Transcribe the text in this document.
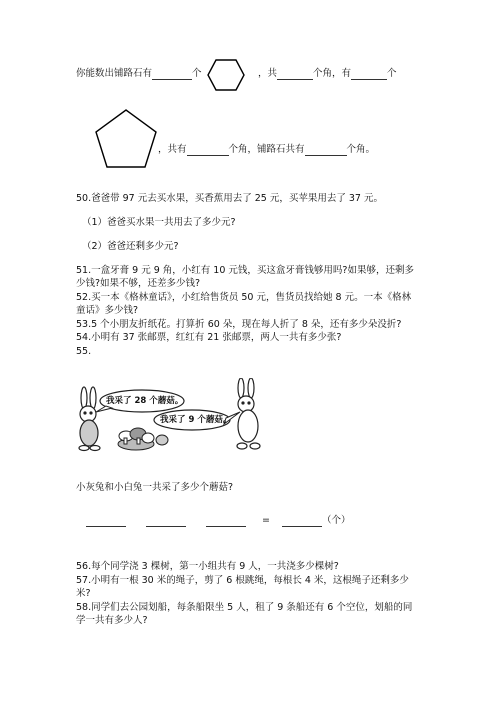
你能数出铺路石有	个	，共	个角，有	个
，共有	个角，铺路石共有	个角。
50.爸爸带 97 元去买水果，买香蕉用去了 25 元，买苹果用去了 37 元。
（1）爸爸买水果一共用去了多少元?
（2）爸爸还剩多少元?
51.一盒牙膏 9 元 9 角，小红有 10 元钱，买这盒牙膏钱够用吗?如果够，还剩多
少钱?如果不够，还差多少钱?
52.买一本《格林童话》，小红给售货员 50 元，售货员找给她 8 元。一本《格林
童话》多少钱?
53.5 个小朋友折纸花。打算折 60 朵，现在每人折了 8 朵，还有多少朵没折?
54.小明有 37 张邮票，红红有 21 张邮票，两人一共有多少张?
55.
我采了 28 个蘑菇。
我采了 9 个蘑菇。
小灰兔和小白兔一共采了多少个蘑菇?
=	（个）
56.每个同学浇 3 棵树，第一小组共有 9 人，一共浇多少棵树?
57.小明有一根 30 米的绳子，剪了 6 根跳绳，每根长 4 米，这根绳子还剩多少
米?
58.同学们去公园划船，每条船限坐 5 人，租了 9 条船还有 6 个空位，划船的同
学一共有多少人?
